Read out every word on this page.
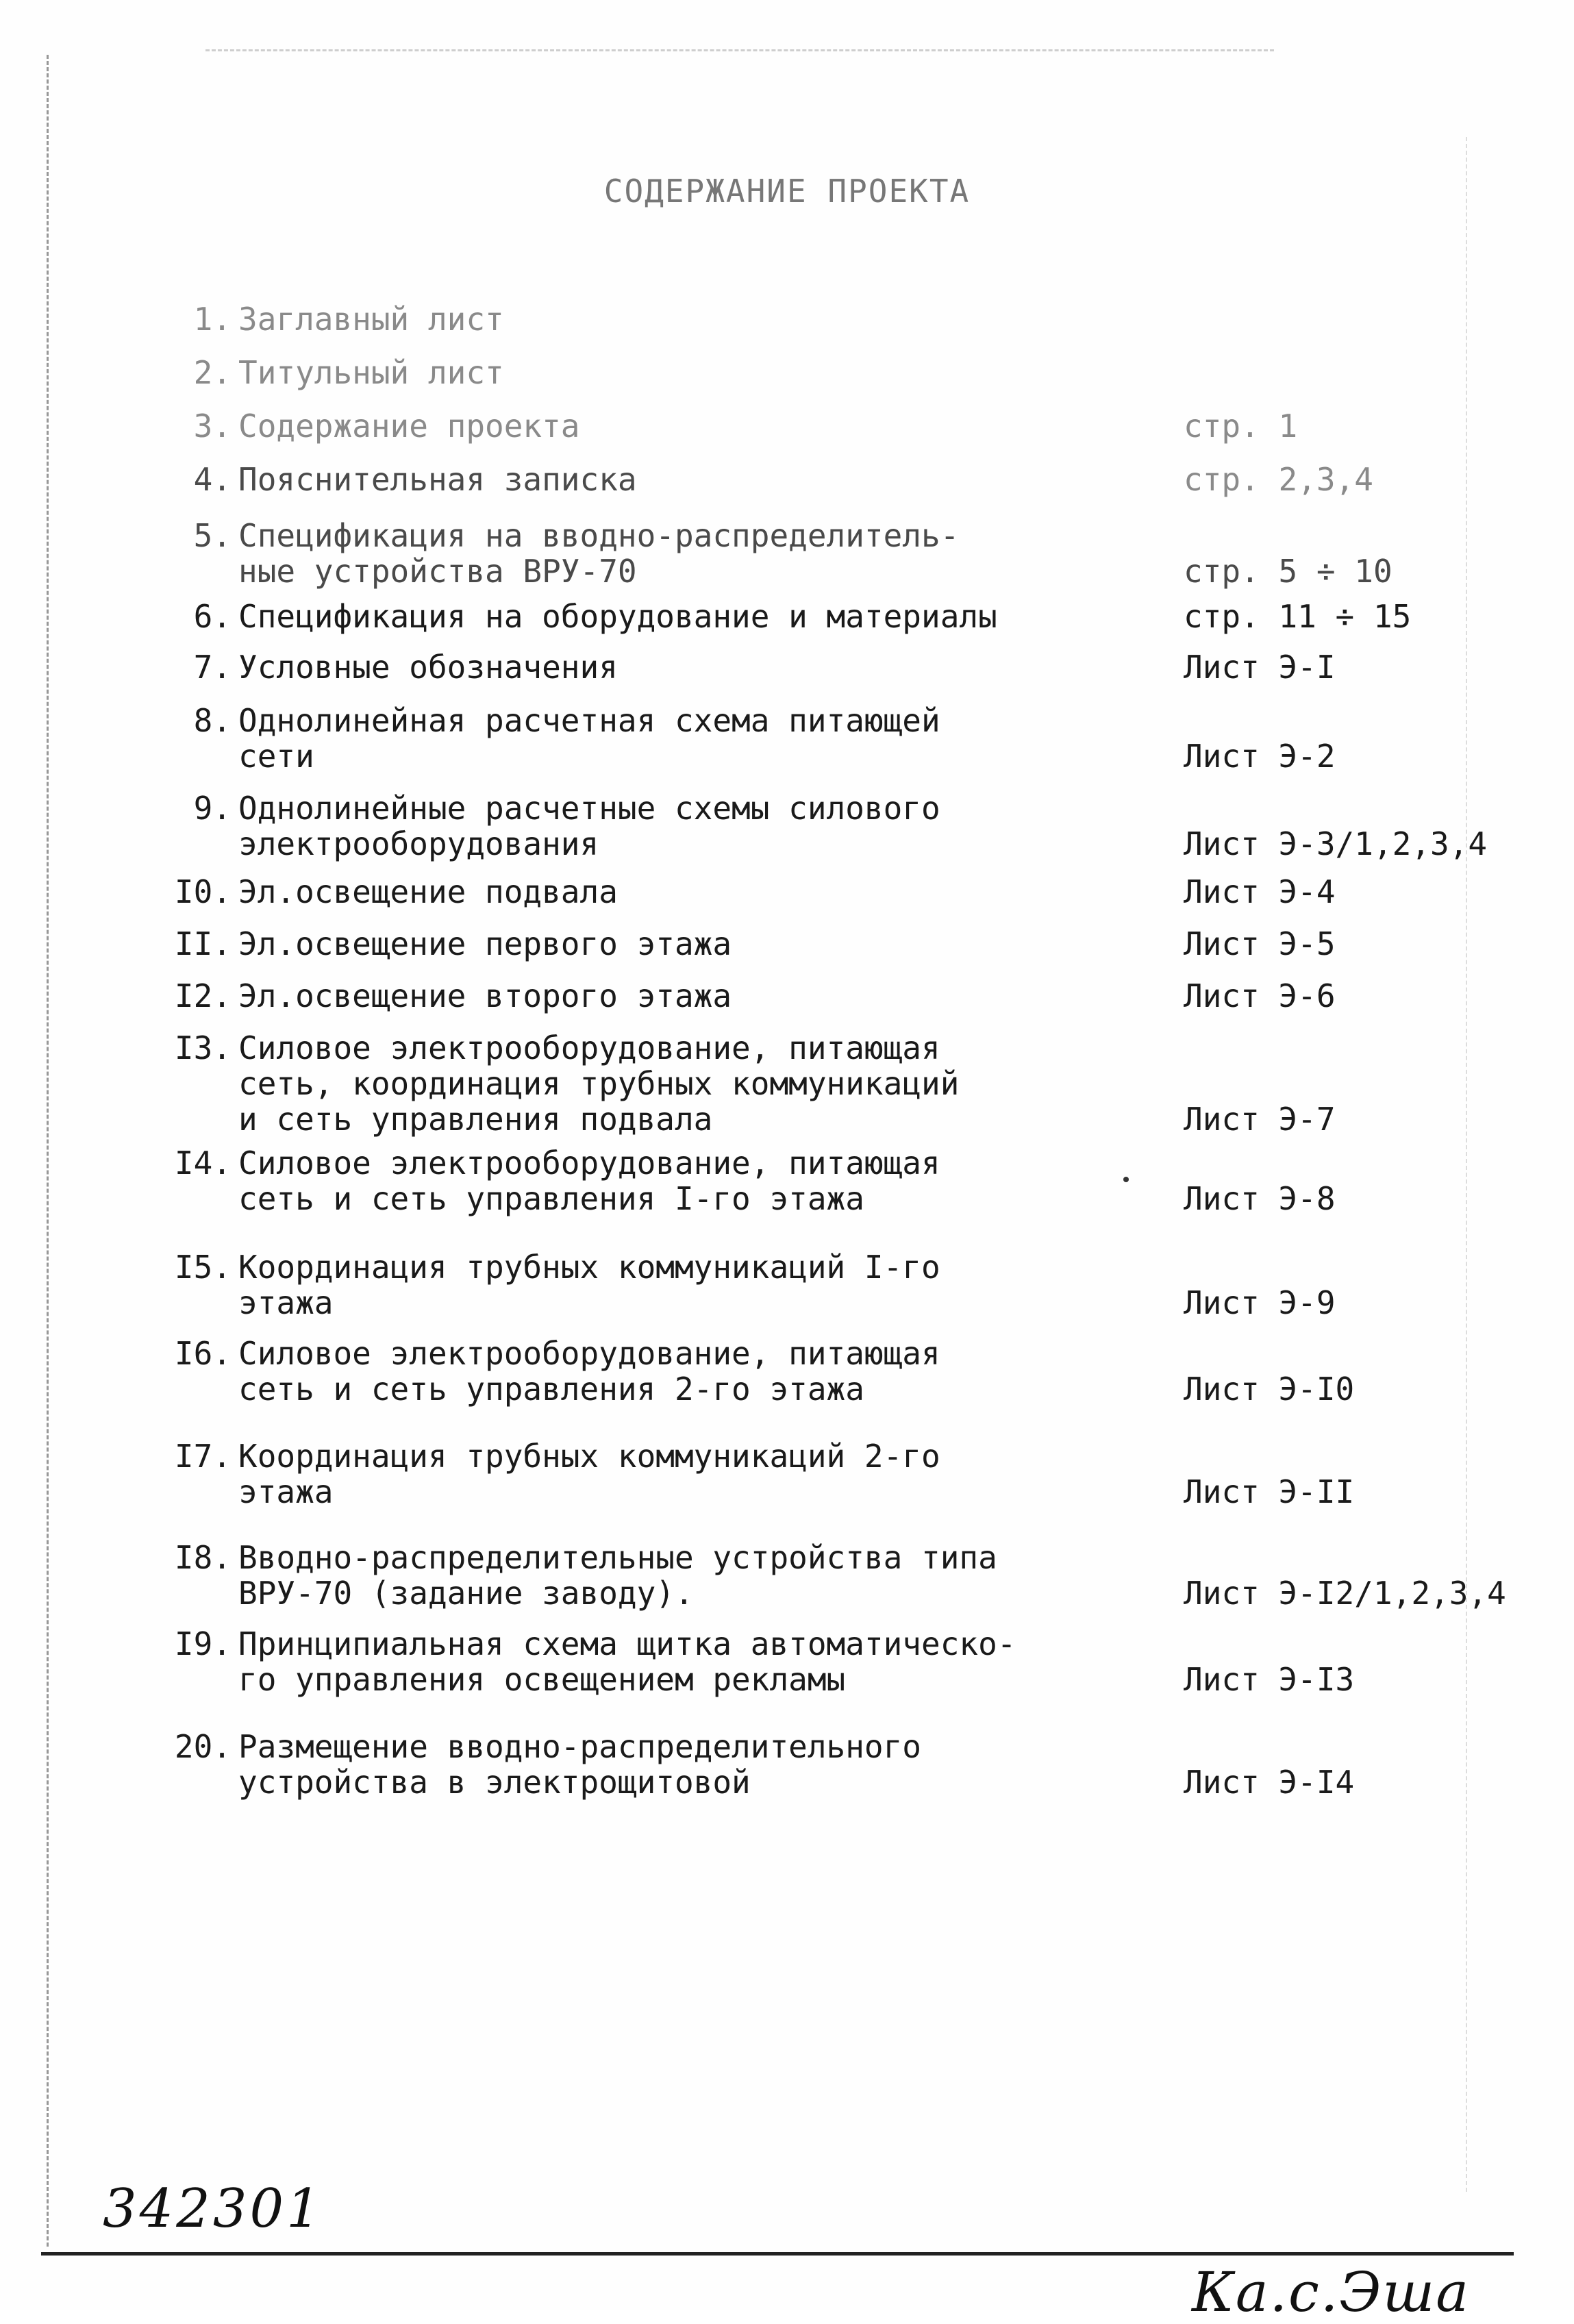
СОДЕРЖАНИЕ ПРОЕКТА
1. Заглавный лист
2. Титульный лист
3. Содержание проекта	стр. 1
4. Пояснительная записка	стр. 2,3,4
5. Спецификация на вводно-распределитель-
ные устройства ВРУ-70	стр. 5 ÷ 10
6. Спецификация на оборудование и материалы	стр. 11 ÷ 15
7. Условные обозначения	Лист Э-I
8. Однолинейная расчетная схема питающей
сети	Лист Э-2
9. Однолинейные расчетные схемы силового
электрооборудования	Лист Э-3/1,2,3,4
I0. Эл.освещение подвала	Лист Э-4
II. Эл.освещение первого этажа	Лист Э-5
I2. Эл.освещение второго этажа	Лист Э-6
I3. Силовое электрооборудование, питающая
сеть, координация трубных коммуникаций
и сеть управления подвала	Лист Э-7
I4. Силовое электрооборудование, питающая
сеть и сеть управления I-го этажа	Лист Э-8
I5. Координация трубных коммуникаций I-го
этажа	Лист Э-9
I6. Силовое электрооборудование, питающая
сеть и сеть управления 2-го этажа	Лист Э-I0
I7. Координация трубных коммуникаций 2-го
этажа	Лист Э-II
I8. Вводно-распределительные устройства типа
ВРУ-70 (задание заводу).	Лист Э-I2/1,2,3,4
I9. Принципиальная схема щитка автоматическо-
го управления освещением рекламы	Лист Э-I3
20. Размещение вводно-распределительного
устройства в электрощитовой	Лист Э-I4
342301
Ка.с.Эша
